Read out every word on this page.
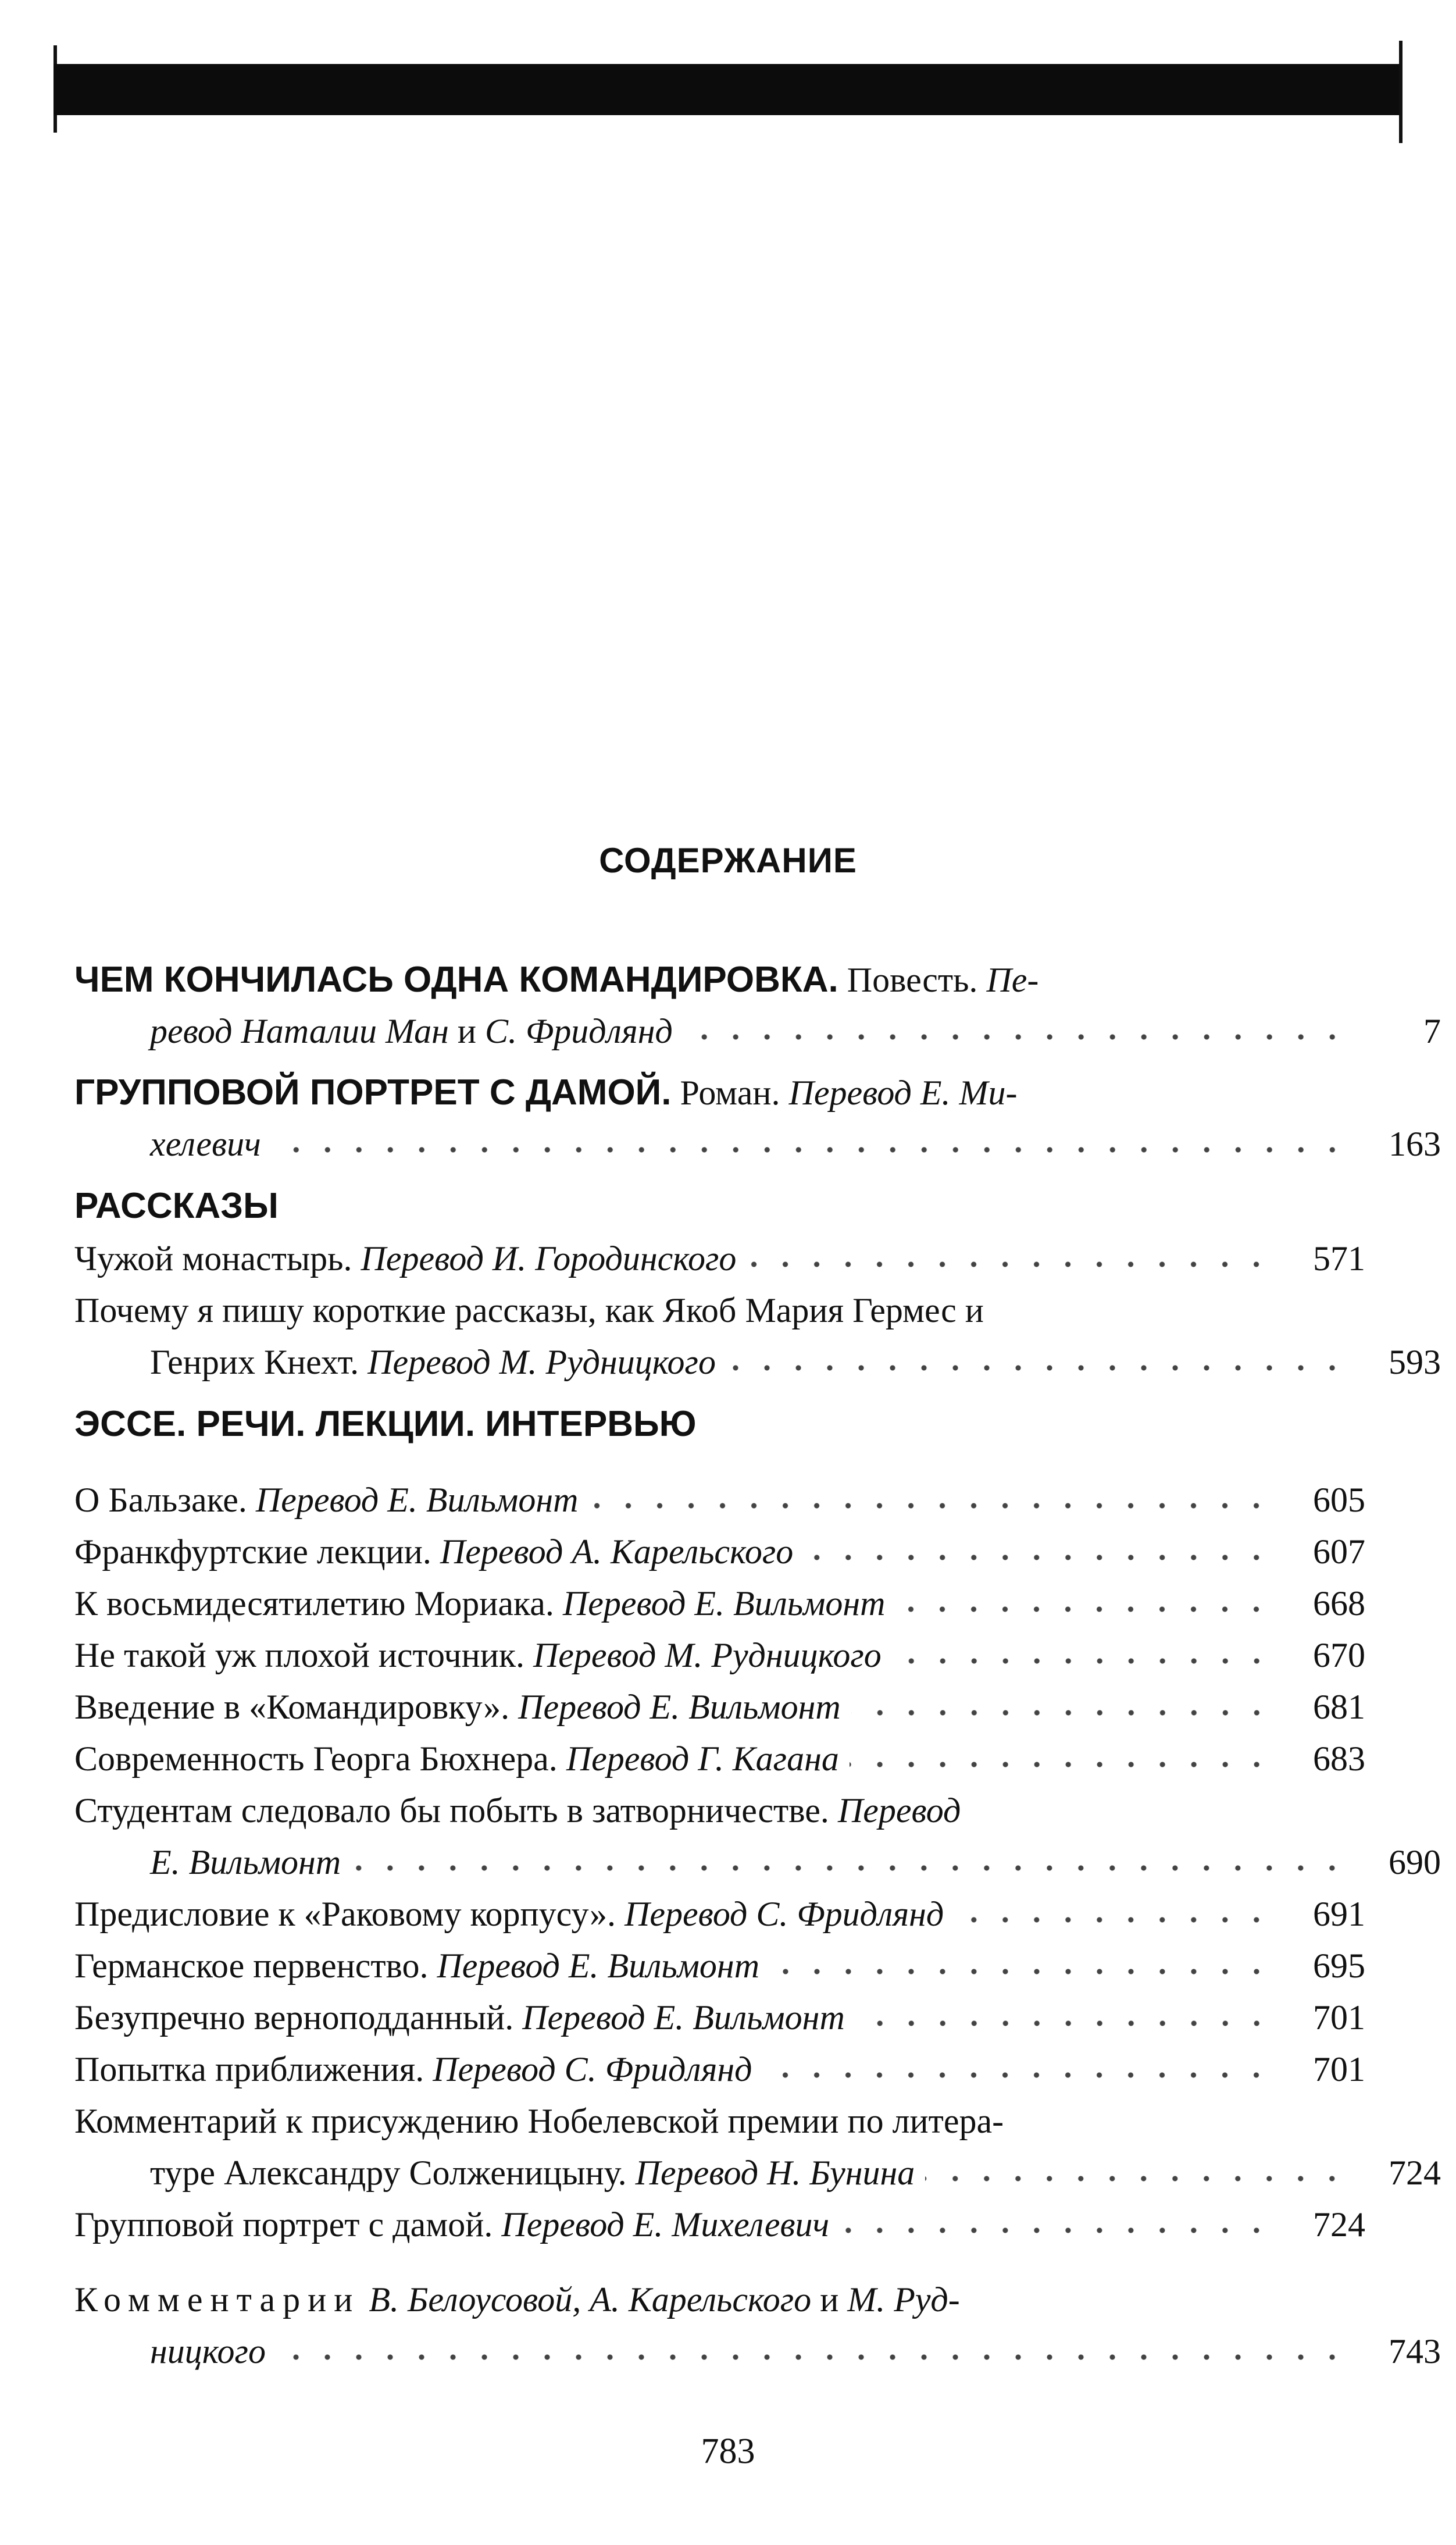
СОДЕРЖАНИЕ
ЧЕМ КОНЧИЛАСЬ ОДНА КОМАНДИРОВКА. Повесть. Пе-
ревод Наталии Ман и С. Фридлянд	7
ГРУППОВОЙ ПОРТРЕТ С ДАМОЙ. Роман. Перевод Е. Ми-
хелевич	163
РАССКАЗЫ
Чужой монастырь. Перевод И. Городинского	571
Почему я пишу короткие рассказы, как Якоб Мария Гермес и
Генрих Кнехт. Перевод М. Рудницкого	593
ЭССЕ. РЕЧИ. ЛЕКЦИИ. ИНТЕРВЬЮ
О Бальзаке. Перевод Е. Вильмонт	605
Франкфуртские лекции. Перевод А. Карельского	607
К восьмидесятилетию Мориака. Перевод Е. Вильмонт	668
Не такой уж плохой источник. Перевод М. Рудницкого	670
Введение в «Командировку». Перевод Е. Вильмонт	681
Современность Георга Бюхнера. Перевод Г. Кагана	683
Студентам следовало бы побыть в затворничестве. Перевод
Е. Вильмонт	690
Предисловие к «Раковому корпусу». Перевод С. Фридлянд	691
Германское первенство. Перевод Е. Вильмонт	695
Безупречно верноподданный. Перевод Е. Вильмонт	701
Попытка приближения. Перевод С. Фридлянд	701
Комментарий к присуждению Нобелевской премии по литера-
туре Александру Солженицыну. Перевод Н. Бунина	724
Групповой портрет с дамой. Перевод Е. Михелевич	724
Комментарии В. Белоусовой, А. Карельского и М. Руд-
ницкого	743
783
